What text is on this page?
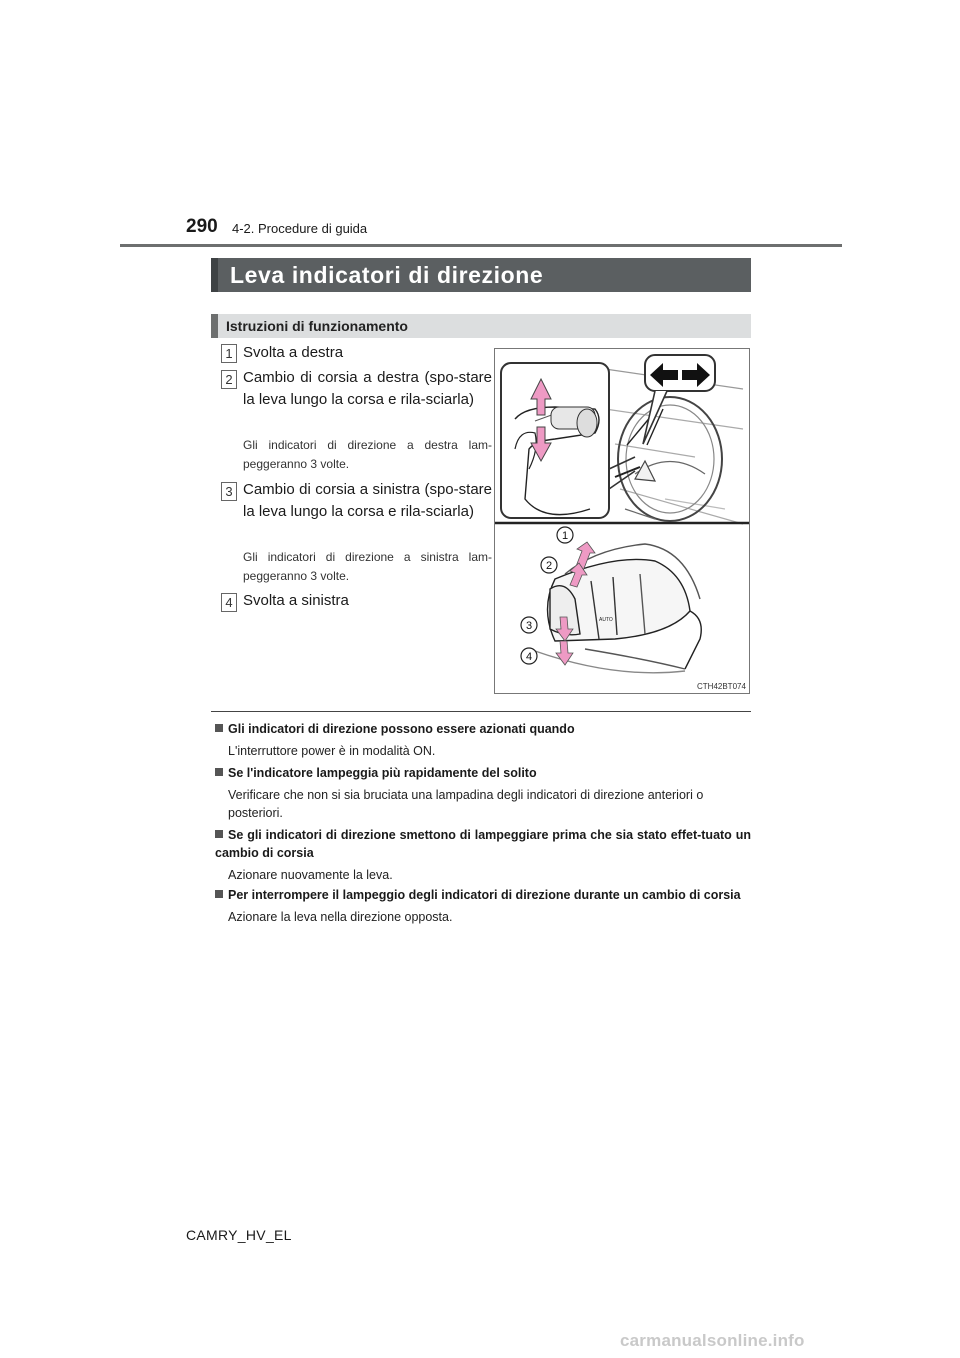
290 4-2. Procedure di guida
Leva indicatori di direzione
Istruzioni di funzionamento
1 Svolta a destra
2 Cambio di corsia a destra (spo-stare la leva lungo la corsa e rila-sciarla)
Gli indicatori di direzione a destra lam-peggeranno 3 volte.
3 Cambio di corsia a sinistra (spo-stare la leva lungo la corsa e rila-sciarla)
Gli indicatori di direzione a sinistra lam-peggeranno 3 volte.
4 Svolta a sinistra
AUTO
1
2
3
4
CTH42BT074
Gli indicatori di direzione possono essere azionati quando
L'interruttore power è in modalità ON.
Se l'indicatore lampeggia più rapidamente del solito
Verificare che non si sia bruciata una lampadina degli indicatori di direzione anteriori o posteriori.
Se gli indicatori di direzione smettono di lampeggiare prima che sia stato effet-tuato un cambio di corsia
Azionare nuovamente la leva.
Per interrompere il lampeggio degli indicatori di direzione durante un cambio di corsia
Azionare la leva nella direzione opposta.
CAMRY_HV_EL
carmanualsonline.info
